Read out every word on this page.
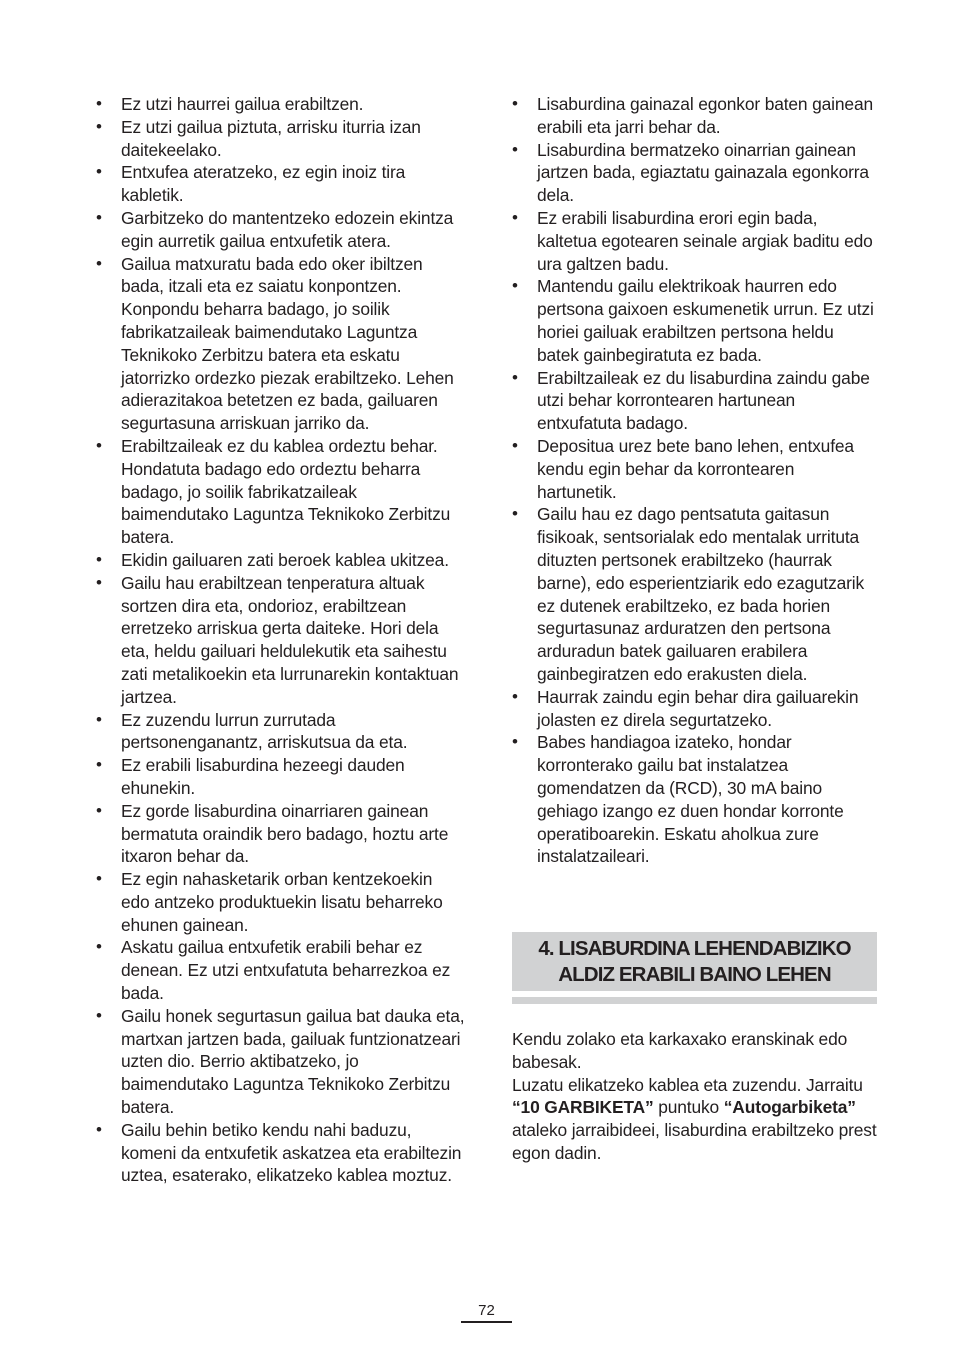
• Ez utzi haurrei gailua erabiltzen.
• Ez utzi gailua piztuta, arrisku iturria izan daitekeelako.
• Entxufea ateratzeko, ez egin inoiz tira kabletik.
• Garbitzeko do mantentzeko edozein ekintza egin aurretik gailua entxufetik atera.
• Gailua matxuratu bada edo oker ibiltzen bada, itzali eta ez saiatu konpontzen. Konpondu beharra badago, jo soilik fabrikatzaileak baimendutako Laguntza Teknikoko Zerbitzu batera eta eskatu jatorrizko ordezko piezak erabiltzeko. Lehen adierazitakoa betetzen ez bada, gailuaren segurtasuna arriskuan jarriko da.
• Erabiltzaileak ez du kablea ordeztu behar. Hondatuta badago edo ordeztu beharra badago, jo soilik fabrikatzaileak baimendutako Laguntza Teknikoko Zerbitzu batera.
• Ekidin gailuaren zati beroek kablea ukitzea.
• Gailu hau erabiltzean tenperatura altuak sortzen dira eta, ondorioz, erabiltzean erretzeko arriskua gerta daiteke. Hori dela eta, heldu gailuari heldulekutik eta saihestu zati metalikoekin eta lurrunarekin kontaktuan jartzea.
• Ez zuzendu lurrun zurrutada pertsonenganantz, arriskutsua da eta.
• Ez erabili lisaburdina hezeegi dauden ehunekin.
• Ez gorde lisaburdina oinarriaren gainean bermatuta oraindik bero badago, hoztu arte itxaron behar da.
• Ez egin nahasketarik orban kentzekoekin edo antzeko produktuekin lisatu beharreko ehunen gainean.
• Askatu gailua entxufetik erabili behar ez denean. Ez utzi entxufatuta beharrezkoa ez bada.
• Gailu honek segurtasun gailua bat dauka eta, martxan jartzen bada, gailuak funtzionatzeari uzten dio. Berrio aktibatzeko, jo baimendutako Laguntza Teknikoko Zerbitzu batera.
• Gailu behin betiko kendu nahi baduzu, komeni da entxufetik askatzea eta erabiltezin uztea, esaterako, elikatzeko kablea moztuz.
• Lisaburdina gainazal egonkor baten gainean erabili eta jarri behar da.
• Lisaburdina bermatzeko oinarrian gainean jartzen bada, egiaztatu gainazala egonkorra dela.
• Ez erabili lisaburdina erori egin bada, kaltetua egotearen seinale argiak baditu edo ura galtzen badu.
• Mantendu gailu elektrikoak haurren edo pertsona gaixoen eskumenetik urrun. Ez utzi horiei gailuak erabiltzen pertsona heldu batek gainbegiratuta ez bada.
• Erabiltzaileak ez du lisaburdina zaindu gabe utzi behar korrontearen hartunean entxufatuta badago.
• Depositua urez bete bano lehen, entxufea kendu egin behar da korrontearen hartunetik.
• Gailu hau ez dago pentsatuta gaitasun fisikoak, sentsorialak edo mentalak urrituta dituzten pertsonek erabiltzeko (haurrak barne), edo esperientziarik edo ezagutzarik ez dutenek erabiltzeko, ez bada horien segurtasunaz arduratzen den pertsona arduradun batek gailuaren erabilera gainbegiratzen edo erakusten diela.
• Haurrak zaindu egin behar dira gailuarekin jolasten ez direla segurtatzeko.
• Babes handiagoa izateko, hondar korronterako gailu bat instalatzea gomendatzen da (RCD), 30 mA baino gehiago izango ez duen hondar korronte operatiboarekin. Eskatu aholkua zure instalatzaileari.
4. LISABURDINA LEHENDABIZIKO
ALDIZ ERABILI BAINO LEHEN

Kendu zolako eta karkaxako eranskinak edo babesak.

Luzatu elikatzeko kablea eta zuzendu. Jarraitu “10 GARBIKETA” puntuko “Autogarbiketa” ataleko jarraibideei, lisaburdina erabiltzeko prest egon dadin.

72
